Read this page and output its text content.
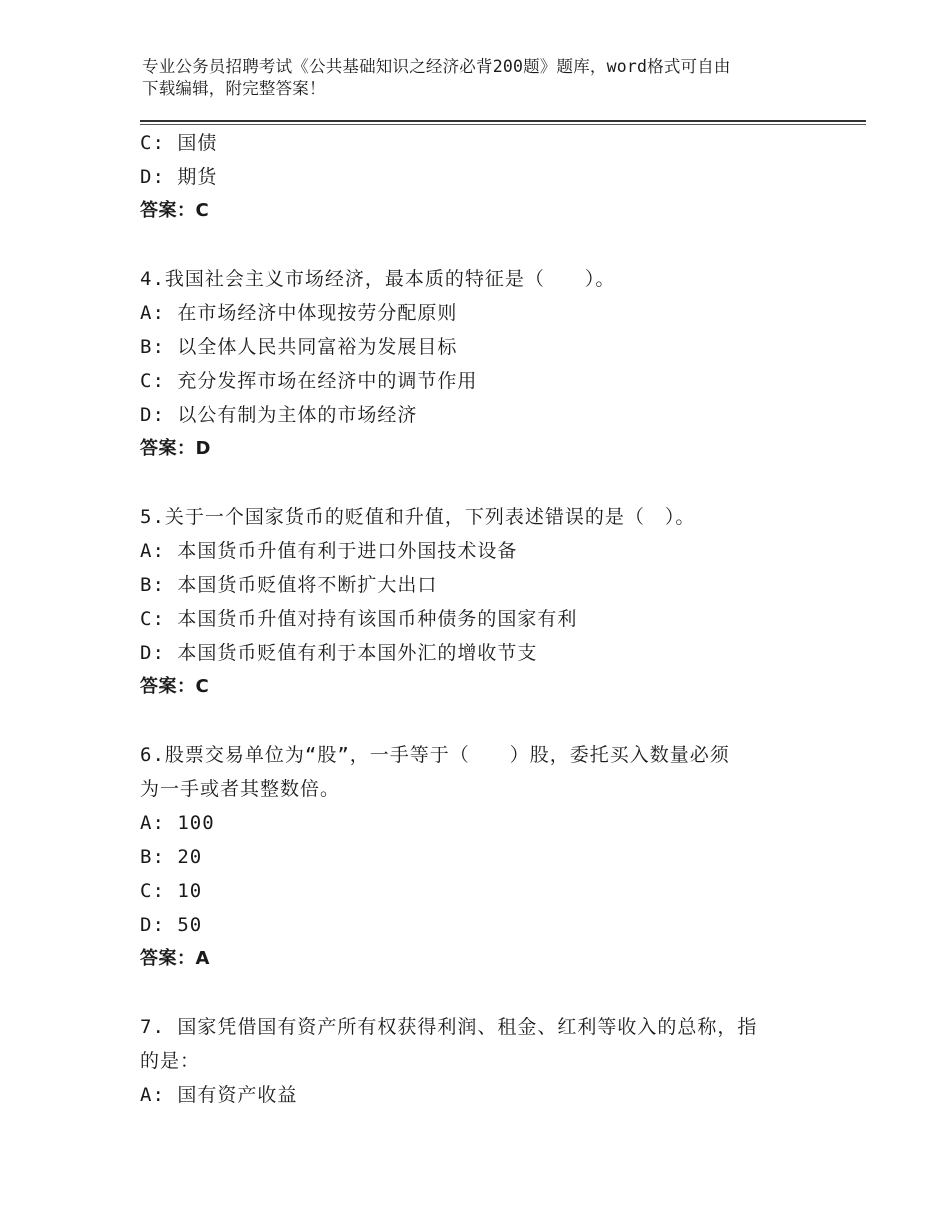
专业公务员招聘考试《公共基础知识之经济必背200题》题库，word格式可自由
下载编辑，附完整答案！
C: 国债
D: 期货
答案：C
4.我国社会主义市场经济，最本质的特征是（　　）。
A: 在市场经济中体现按劳分配原则
B: 以全体人民共同富裕为发展目标
C: 充分发挥市场在经济中的调节作用
D: 以公有制为主体的市场经济
答案：D
5.关于一个国家货币的贬值和升值，下列表述错误的是（　）。
A: 本国货币升值有利于进口外国技术设备
B: 本国货币贬值将不断扩大出口
C: 本国货币升值对持有该国币种债务的国家有利
D: 本国货币贬值有利于本国外汇的增收节支
答案：C
6.股票交易单位为“股”，一手等于（　　）股，委托买入数量必须
为一手或者其整数倍。
A: 100
B: 20
C: 10
D: 50
答案：A
7. 国家凭借国有资产所有权获得利润、租金、红利等收入的总称，指
的是：
A: 国有资产收益
